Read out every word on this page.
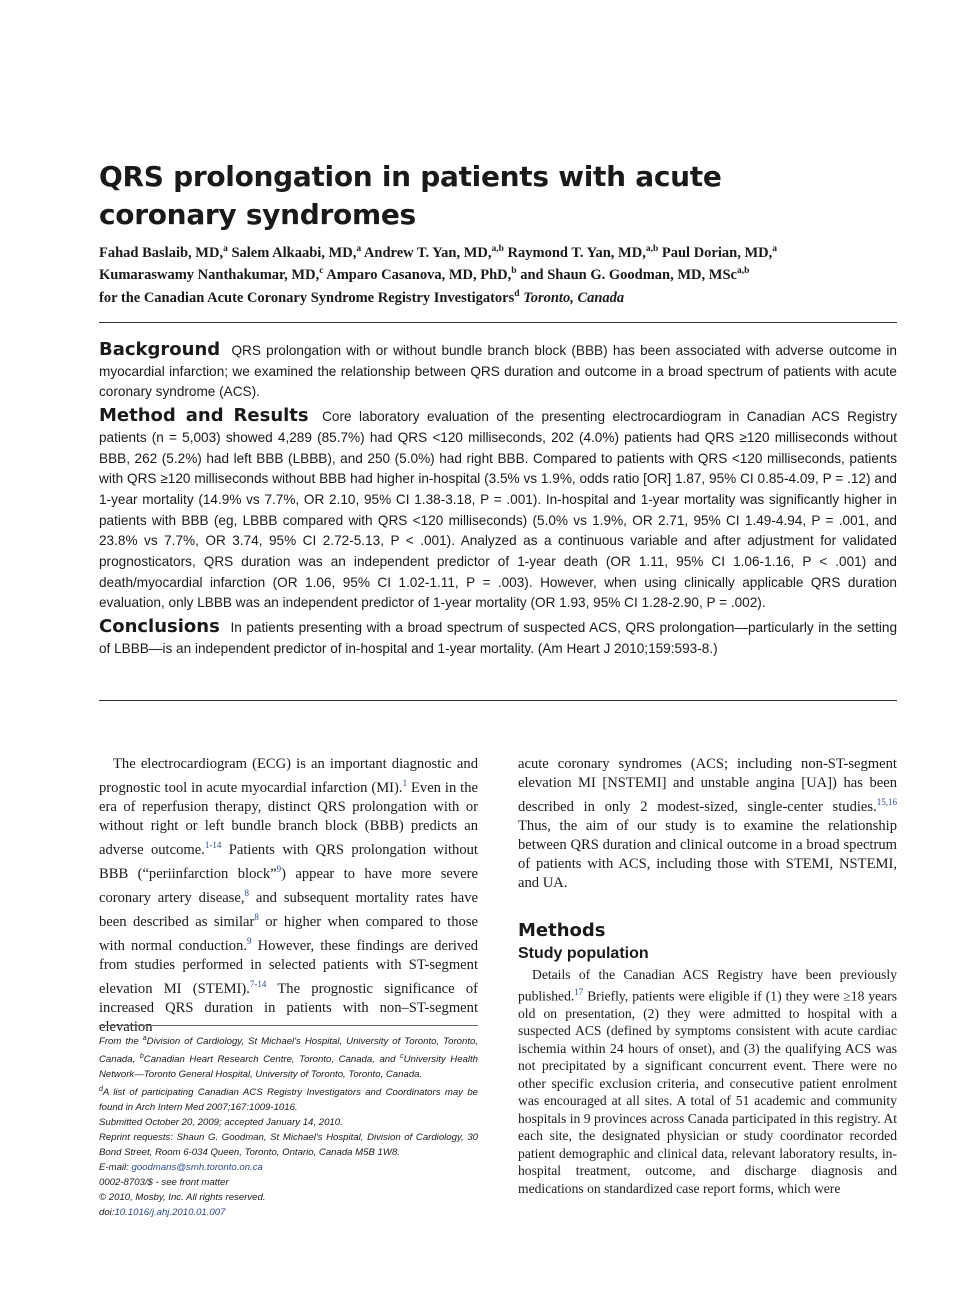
QRS prolongation in patients with acute
coronary syndromes
Fahad Baslaib, MD,$^a$ Salem Alkaabi, MD,$^a$ Andrew T. Yan, MD,$^{a,b}$ Raymond T. Yan, MD,$^{a,b}$ Paul Dorian, MD,$^a$
Kumaraswamy Nanthakumar, MD,$^c$ Amparo Casanova, MD, PhD,$^b$ and Shaun G. Goodman, MD, MSc$^{a,b}$
for the Canadian Acute Coronary Syndrome Registry Investigators$^d$ Toronto, Canada

Background QRS prolongation with or without bundle branch block (BBB) has been associated with adverse outcome in myocardial infarction; we examined the relationship between QRS duration and outcome in a broad spectrum of patients with acute coronary syndrome (ACS).

Method and Results Core laboratory evaluation of the presenting electrocardiogram in Canadian ACS Registry patients (n = 5,003) showed 4,289 (85.7%) had QRS <120 milliseconds, 202 (4.0%) patients had QRS ≥120 milliseconds without BBB, 262 (5.2%) had left BBB (LBBB), and 250 (5.0%) had right BBB. Compared to patients with QRS <120 milliseconds, patients with QRS ≥120 milliseconds without BBB had higher in-hospital (3.5% vs 1.9%, odds ratio [OR] 1.87, 95% CI 0.85-4.09, P = .12) and 1-year mortality (14.9% vs 7.7%, OR 2.10, 95% CI 1.38-3.18, P = .001). In-hospital and 1-year mortality was significantly higher in patients with BBB (eg, LBBB compared with QRS <120 milliseconds) (5.0% vs 1.9%, OR 2.71, 95% CI 1.49-4.94, P = .001, and 23.8% vs 7.7%, OR 3.74, 95% CI 2.72-5.13, P < .001). Analyzed as a continuous variable and after adjustment for validated prognosticators, QRS duration was an independent predictor of 1-year death (OR 1.11, 95% CI 1.06-1.16, P < .001) and death/myocardial infarction (OR 1.06, 95% CI 1.02-1.11, P = .003). However, when using clinically applicable QRS duration evaluation, only LBBB was an independent predictor of 1-year mortality (OR 1.93, 95% CI 1.28-2.90, P = .002).

Conclusions In patients presenting with a broad spectrum of suspected ACS, QRS prolongation—particularly in the setting of LBBB—is an independent predictor of in-hospital and 1-year mortality. (Am Heart J 2010;159:593-8.)

The electrocardiogram (ECG) is an important diagnostic and prognostic tool in acute myocardial infarction (MI).$^1$ Even in the era of reperfusion therapy, distinct QRS prolongation with or without right or left bundle branch block (BBB) predicts an adverse outcome.$^{1-14}$ Patients with QRS prolongation without BBB (“periinfarction block”$^9$) appear to have more severe coronary artery disease,$^8$ and subsequent mortality rates have been described as similar$^8$ or higher when compared to those with normal conduction.$^9$ However, these findings are derived from studies performed in selected patients with ST-segment elevation MI (STEMI).$^{7-14}$ The prognostic significance of increased QRS duration in patients with non–ST-segment elevation

acute coronary syndromes (ACS; including non-ST-segment elevation MI [NSTEMI] and unstable angina [UA]) has been described in only 2 modest-sized, single-center studies.$^{15,16}$ Thus, the aim of our study is to examine the relationship between QRS duration and clinical outcome in a broad spectrum of patients with ACS, including those with STEMI, NSTEMI, and UA.

Methods
Study population

Details of the Canadian ACS Registry have been previously published.$^{17}$ Briefly, patients were eligible if (1) they were ≥18 years old on presentation, (2) they were admitted to hospital with a suspected ACS (defined by symptoms consistent with acute cardiac ischemia within 24 hours of onset), and (3) the qualifying ACS was not precipitated by a significant concurrent event. There were no other specific exclusion criteria, and consecutive patient enrolment was encouraged at all sites. A total of 51 academic and community hospitals in 9 provinces across Canada participated in this registry. At each site, the designated physician or study coordinator recorded patient demographic and clinical data, relevant laboratory results, in-hospital treatment, outcome, and discharge diagnosis and medications on standardized case report forms, which were

From the $^a$Division of Cardiology, St Michael's Hospital, University of Toronto, Toronto, Canada, $^b$Canadian Heart Research Centre, Toronto, Canada, and $^c$University Health Network—Toronto General Hospital, University of Toronto, Toronto, Canada.

$^d$A list of participating Canadian ACS Registry Investigators and Coordinators may be found in Arch Intern Med 2007;167:1009-1016.

Submitted October 20, 2009; accepted January 14, 2010.

Reprint requests: Shaun G. Goodman, St Michael's Hospital, Division of Cardiology, 30 Bond Street, Room 6-034 Queen, Toronto, Ontario, Canada M5B 1W8.

E-mail: goodmans@smh.toronto.on.ca

0002-8703/$ - see front matter

© 2010, Mosby, Inc. All rights reserved.

doi:10.1016/j.ahj.2010.01.007
